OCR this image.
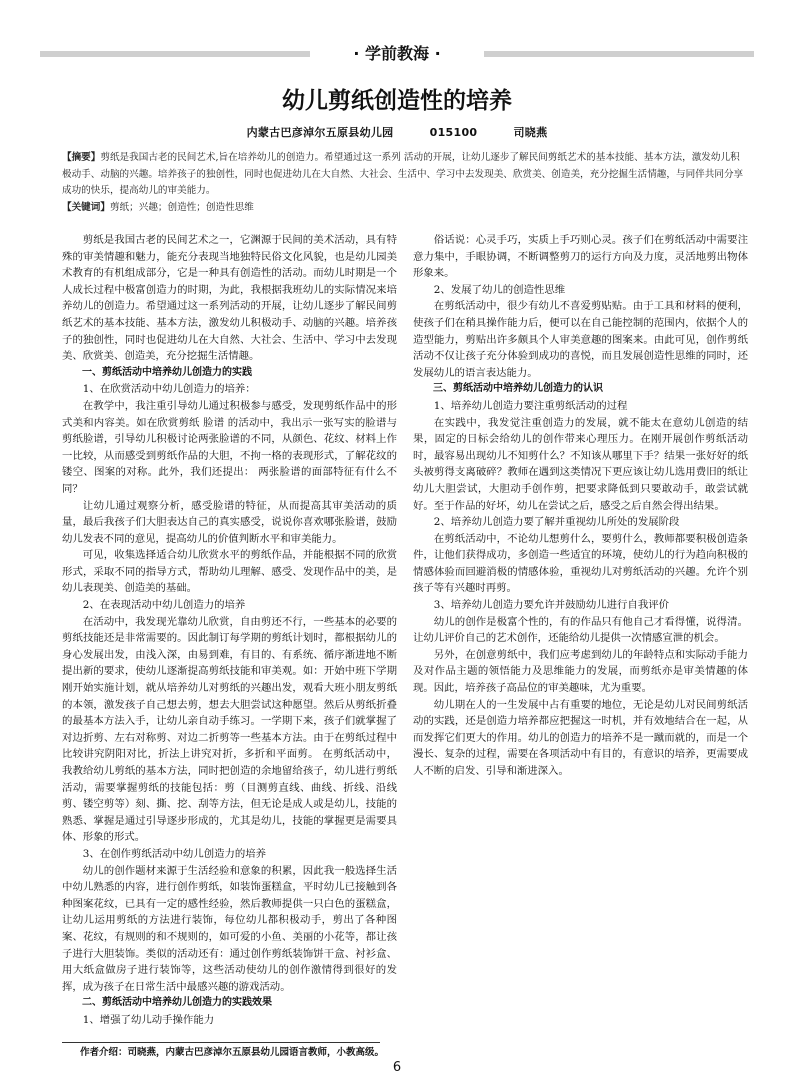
· 学前教海 ·
幼儿剪纸创造性的培养
内蒙古巴彦淖尔五原县幼儿园	015100	司晓燕

【摘要】剪纸是我国古老的民间艺术,旨在培养幼儿的创造力。希望通过这一系列 活动的开展，让幼儿逐步了解民间剪纸艺术的基本技能、基本方法，激发幼儿积极动手、动脑的兴趣。培养孩子的独创性，同时也促进幼儿在大自然、大社会、生活中、学习中去发现美、欣赏美、创造美，充分挖掘生活情趣，与同伴共同分享成功的快乐，提高幼儿的审美能力。

【关键词】剪纸；兴趣；创造性；创造性思维

剪纸是我国古老的民间艺术之一，它渊源于民间的美术活动，具有特殊的审美情趣和魅力，能充分表现当地独特民俗文化风貌，也是幼儿园美术教育的有机组成部分，它是一种具有创造性的活动。而幼儿时期是一个人成长过程中极富创造力的时期，为此，我根据我班幼儿的实际情况来培养幼儿的创造力。希望通过这一系列活动的开展，让幼儿逐步了解民间剪纸艺术的基本技能、基本方法，激发幼儿积极动手、动脑的兴趣。培养孩子的独创性，同时也促进幼儿在大自然、大社会、生活中、学习中去发现美、欣赏美、创造美，充分挖掘生活情趣。

一、剪纸活动中培养幼儿创造力的实践

1、在欣赏活动中幼儿创造力的培养：

在教学中，我注重引导幼儿通过积极参与感受，发现剪纸作品中的形式美和内容美。如在欣赏剪纸 脸谱 的活动中，我出示一张写实的脸谱与剪纸脸谱，引导幼儿积极讨论两张脸谱的不同，从颜色、花纹、材料上作一比较，从而感受到剪纸作品的大胆，不拘一格的表现形式，了解花纹的镂空、图案的对称。此外，我们还提出： 两张脸谱的面部特征有什么不同？

让幼儿通过观察分析，感受脸谱的特征，从而提高其审美活动的质量，最后我孩子们大胆表达自己的真实感受，说说你喜欢哪张脸谱，鼓励幼儿发表不同的意见，提高幼儿的价值判断水平和审美能力。

可见，收集选择适合幼儿欣赏水平的剪纸作品，并能根据不同的欣赏形式，采取不同的指导方式，帮助幼儿理解、感受、发现作品中的美，是幼儿表现美、创造美的基础。

2、在表现活动中幼儿创造力的培养

在活动中，我发现光靠幼儿欣赏，自由剪还不行，一些基本的必要的剪纸技能还是非常需要的。因此制订每学期的剪纸计划时，都根据幼儿的身心发展出发，由浅入深，由易到难，有目的、有系统、循序渐进地不断提出新的要求，使幼儿逐渐提高剪纸技能和审美观。如：开始中班下学期刚开始实施计划，就从培养幼儿对剪纸的兴趣出发，观看大班小朋友剪纸的本领，激发孩子自己想去剪，想去大胆尝试这种愿望。然后从剪纸折叠的最基本方法入手，让幼儿亲自动手练习。一学期下来，孩子们就掌握了对边折剪、左右对称剪、对边二折剪等一些基本方法。由于在剪纸过程中比较讲究阴阳对比，折法上讲究对折，多折和平面剪。 在剪纸活动中，我教给幼儿剪纸的基本方法，同时把创造的余地留给孩子，幼儿进行剪纸活动，需要掌握剪纸的技能包括：剪（目测剪直线、曲线、折线、沿线剪、镂空剪等）刻、撕、挖、刮等方法，但无论是成人或是幼儿，技能的熟悉、掌握是通过引导逐步形成的，尤其是幼儿，技能的掌握更是需要具体、形象的形式。

3、在创作剪纸活动中幼儿创造力的培养

幼儿的创作题材来源于生活经验和意象的积累，因此我一般选择生活中幼儿熟悉的内容，进行创作剪纸，如装饰蛋糕盒，平时幼儿已接触到各种图案花纹，已具有一定的感性经验，然后教师提供一只白色的蛋糕盒，让幼儿运用剪纸的方法进行装饰，每位幼儿都积极动手，剪出了各种图案、花纹，有规则的和不规则的，如可爱的小鱼、美丽的小花等，都让孩子进行大胆装饰。类似的活动还有：通过创作剪纸装饰饼干盒、衬衫盒、用大纸盒做房子进行装饰等，这些活动使幼儿的创作激情得到很好的发挥，成为孩子在日常生活中最感兴趣的游戏活动。

二、剪纸活动中培养幼儿创造力的实践效果

1、增强了幼儿动手操作能力

俗话说：心灵手巧，实质上手巧则心灵。孩子们在剪纸活动中需要注意力集中，手眼协调，不断调整剪刀的运行方向及力度，灵活地剪出物体形象来。

2、发展了幼儿的创造性思维

在剪纸活动中，很少有幼儿不喜爱剪贴贴。由于工具和材料的便利，使孩子们在稍具操作能力后，便可以在自己能控制的范围内，依据个人的造型能力，剪贴出许多颇具个人审美意趣的图案来。由此可见，创作剪纸活动不仅让孩子充分体验到成功的喜悦，而且发展创造性思维的同时，还发展幼儿的语言表达能力。

三、剪纸活动中培养幼儿创造力的认识

1、培养幼儿创造力要注重剪纸活动的过程

在实践中，我发觉注重创造力的发展，就不能太在意幼儿创造的结果，固定的日标会给幼儿的创作带来心理压力。在刚开展创作剪纸活动时，最容易出现幼儿不知剪什么？不知该从哪里下手？结果一张好好的纸头被剪得支离破碎？教师在遇到这类情况下更应该让幼儿选用费旧的纸让幼儿大胆尝试，大胆动手创作剪，把要求降低到只要敢动手，敢尝试就好。至于作品的好坏，幼儿在尝试之后，感受之后自然会得出结果。

2、培养幼儿创造力要了解并重视幼儿所处的发展阶段

在剪纸活动中，不论幼儿想剪什么，要剪什么，教师都要积极创造条件，让他们获得成功，多创造一些适宜的环境，使幼儿的行为趋向积极的情感体验而回避消极的情感体验，重视幼儿对剪纸活动的兴趣。允许个别孩子等有兴趣时再剪。

3、培养幼儿创造力要允许并鼓励幼儿进行自我评价

幼儿的创作是极富个性的，有的作品只有他自己才看得懂，说得清。让幼儿评价自己的艺术创作，还能给幼儿提供一次情感宣泄的机会。

另外，在创意剪纸中，我们应考虑到幼儿的年龄特点和实际动手能力及对作品主题的领悟能力及思维能力的发展，而剪纸亦是审美情趣的体现。因此，培养孩子高品位的审美趣味，尤为重要。

幼儿期在人的一生发展中占有重要的地位，无论是幼儿对民间剪纸活动的实践，还是创造力培养都应把握这一时机，并有效地结合在一起，从而发挥它们更大的作用。幼儿的创造力的培养不是一蹴而就的，而是一个漫长、复杂的过程，需要在各项活动中有目的，有意识的培养，更需要成人不断的启发、引导和渐进深入。

作者介绍：司晓燕，内蒙古巴彦淖尔五原县幼儿园语言教师，小教高级。
6
